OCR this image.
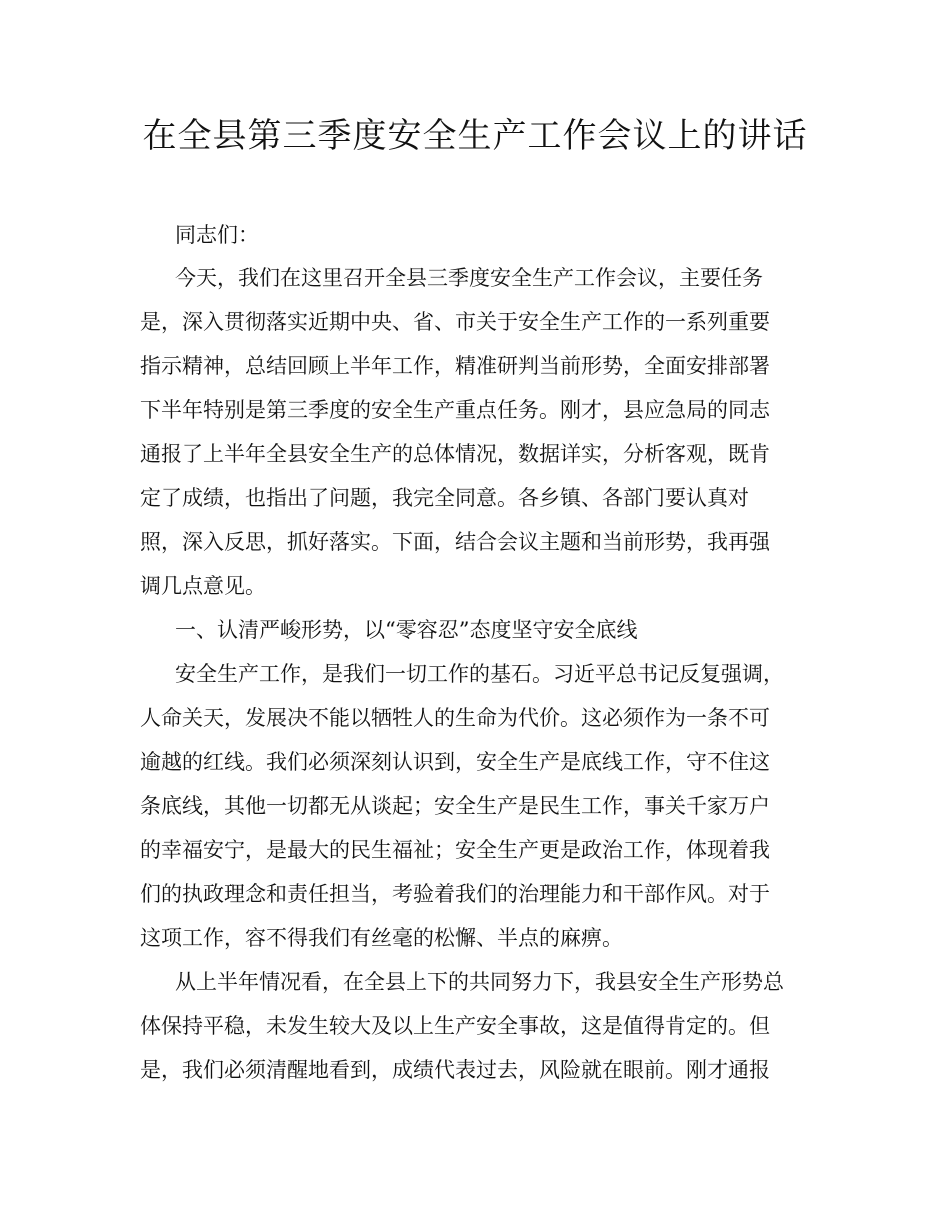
在全县第三季度安全生产工作会议上的讲话

同志们：

今天，我们在这里召开全县三季度安全生产工作会议，主要任务

是，深入贯彻落实近期中央、省、市关于安全生产工作的一系列重要

指示精神，总结回顾上半年工作，精准研判当前形势，全面安排部署

下半年特别是第三季度的安全生产重点任务。刚才，县应急局的同志

通报了上半年全县安全生产的总体情况，数据详实，分析客观，既肯

定了成绩，也指出了问题，我完全同意。各乡镇、各部门要认真对

照，深入反思，抓好落实。下面，结合会议主题和当前形势，我再强

调几点意见。

一、认清严峻形势，以“零容忍”态度坚守安全底线

安全生产工作，是我们一切工作的基石。习近平总书记反复强调，

人命关天，发展决不能以牺牲人的生命为代价。这必须作为一条不可

逾越的红线。我们必须深刻认识到，安全生产是底线工作，守不住这

条底线，其他一切都无从谈起；安全生产是民生工作，事关千家万户

的幸福安宁，是最大的民生福祉；安全生产更是政治工作，体现着我

们的执政理念和责任担当，考验着我们的治理能力和干部作风。对于

这项工作，容不得我们有丝毫的松懈、半点的麻痹。

从上半年情况看，在全县上下的共同努力下，我县安全生产形势总

体保持平稳，未发生较大及以上生产安全事故，这是值得肯定的。但

是，我们必须清醒地看到，成绩代表过去，风险就在眼前。刚才通报
